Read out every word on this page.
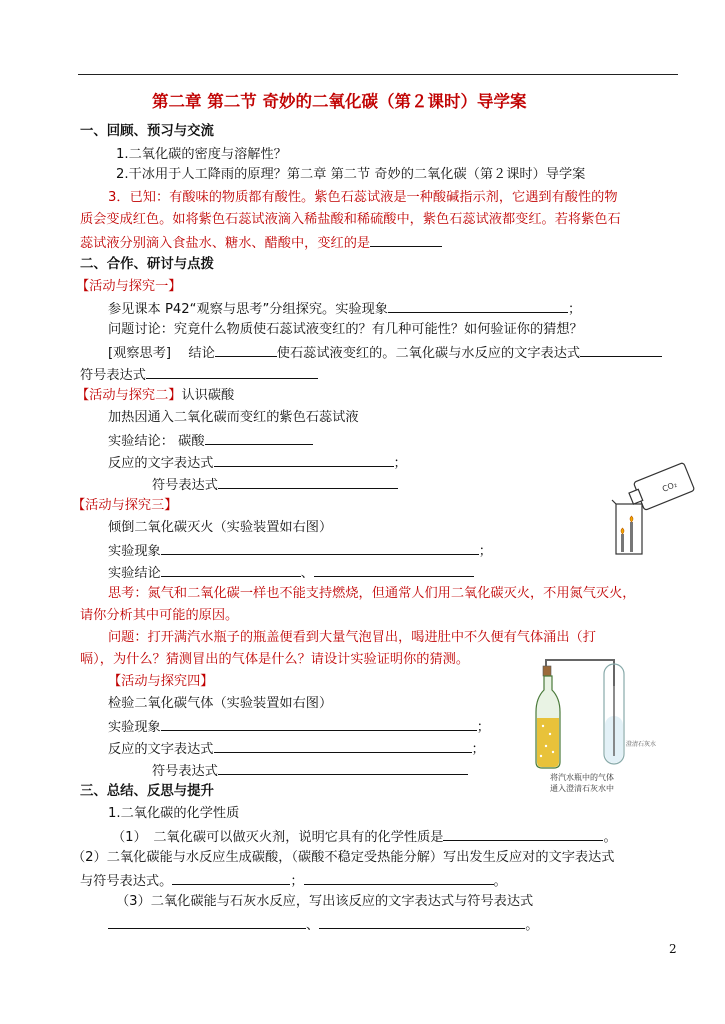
第二章 第二节 奇妙的二氧化碳（第２课时）导学案
一、回顾、预习与交流
1.二氧化碳的密度与溶解性？
2.干冰用于人工降雨的原理？第二章 第二节 奇妙的二氧化碳（第２课时）导学案
3．已知：有酸味的物质都有酸性。紫色石蕊试液是一种酸碱指示剂，它遇到有酸性的物
质会变成红色。如将紫色石蕊试液滴入稀盐酸和稀硫酸中，紫色石蕊试液都变红。若将紫色石
蕊试液分别滴入食盐水、糖水、醋酸中，变红的是
二、合作、研讨与点拨
【活动与探究一】
参见课本 P42“观察与思考”分组探究。实验现象	；
问题讨论：究竟什么物质使石蕊试液变红的？有几种可能性？如何验证你的猜想？
[观察思考]　 结论	使石蕊试液变红的。二氧化碳与水反应的文字表达式
符号表达式
【活动与探究二】认识碳酸
加热因通入二氧化碳而变红的紫色石蕊试液
实验结论： 碳酸
反应的文字表达式	；
符号表达式
【活动与探究三】
倾倒二氧化碳灭火（实验装置如右图）
实验现象	；
实验结论	、
思考：氮气和二氧化碳一样也不能支持燃烧，但通常人们用二氧化碳灭火，不用氮气灭火，
请你分析其中可能的原因。
问题：打开满汽水瓶子的瓶盖便看到大量气泡冒出，喝进肚中不久便有气体涌出（打
嗝），为什么？猜测冒出的气体是什么？请设计实验证明你的猜测。
CO₂
【活动与探究四】
检验二氧化碳气体（实验装置如右图）
实验现象	；
反应的文字表达式	；
符号表达式
澄清石灰水
将汽水瓶中的气体
通入澄清石灰水中
三、总结、反思与提升
1.二氧化碳的化学性质
（1）　二氧化碳可以做灭火剂，说明它具有的化学性质是	。
（2）二氧化碳能与水反应生成碳酸，（碳酸不稳定受热能分解）写出发生反应对的文字表达式
与符号表达式。	；	。
（3）二氧化碳能与石灰水反应，写出该反应的文字表达式与符号表达式
、	。
2
